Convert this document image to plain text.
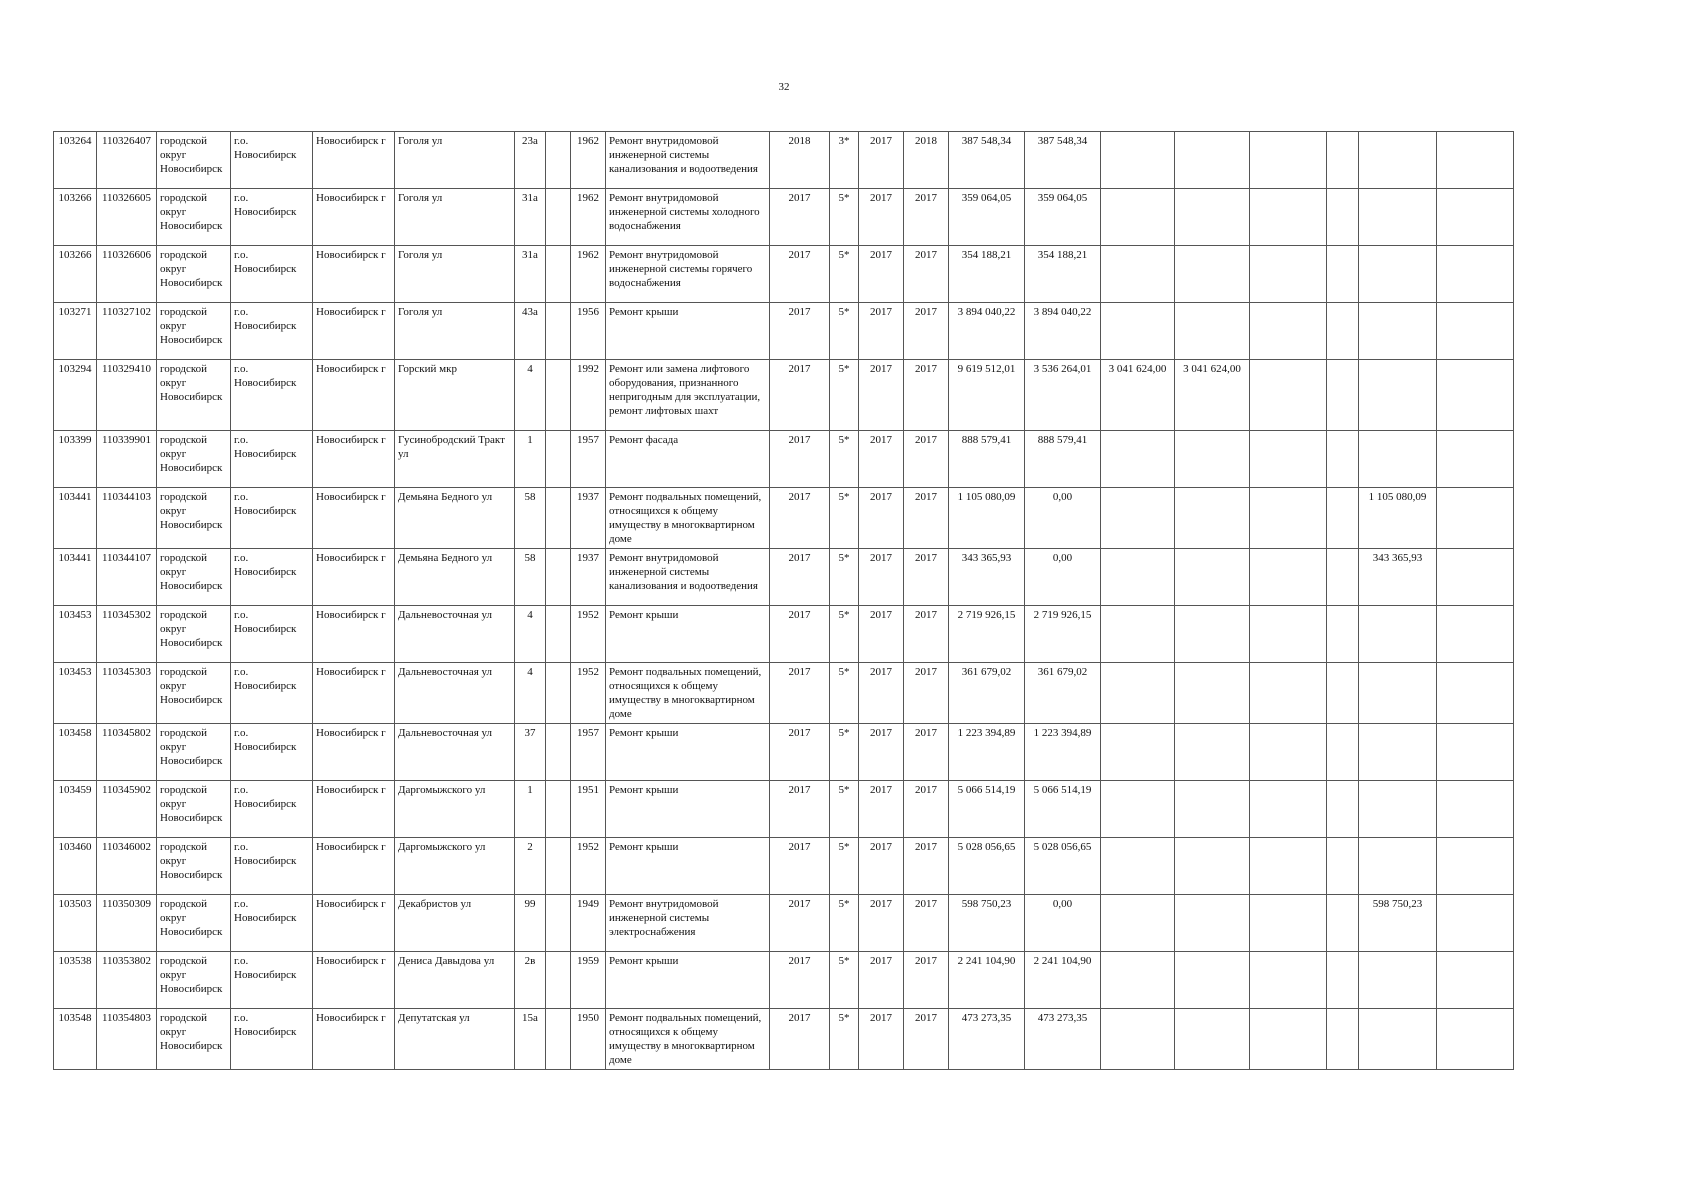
32
103264	110326407	городской округ Новосибирск	г.о. Новосибирск	Новосибирск г	Гоголя ул	23а		1962	Ремонт внутридомовой инженерной системы канализования и водоотведения	2018	3*	2017	2018	387 548,34	387 548,34						
103266	110326605	городской округ Новосибирск	г.о. Новосибирск	Новосибирск г	Гоголя ул	31а		1962	Ремонт внутридомовой инженерной системы холодного водоснабжения	2017	5*	2017	2017	359 064,05	359 064,05						
103266	110326606	городской округ Новосибирск	г.о. Новосибирск	Новосибирск г	Гоголя ул	31а		1962	Ремонт внутридомовой инженерной системы горячего водоснабжения	2017	5*	2017	2017	354 188,21	354 188,21						
103271	110327102	городской округ Новосибирск	г.о. Новосибирск	Новосибирск г	Гоголя ул	43а		1956	Ремонт крыши	2017	5*	2017	2017	3 894 040,22	3 894 040,22						
103294	110329410	городской округ Новосибирск	г.о. Новосибирск	Новосибирск г	Горский мкр	4		1992	Ремонт или замена лифтового оборудования, признанного непригодным для эксплуатации, ремонт лифтовых шахт	2017	5*	2017	2017	9 619 512,01	3 536 264,01	3 041 624,00	3 041 624,00				
103399	110339901	городской округ Новосибирск	г.о. Новосибирск	Новосибирск г	Гусинобродский Тракт ул	1		1957	Ремонт фасада	2017	5*	2017	2017	888 579,41	888 579,41						
103441	110344103	городской округ Новосибирск	г.о. Новосибирск	Новосибирск г	Демьяна Бедного ул	58		1937	Ремонт подвальных помещений, относящихся к общему имуществу в многоквартирном доме	2017	5*	2017	2017	1 105 080,09	0,00					1 105 080,09	
103441	110344107	городской округ Новосибирск	г.о. Новосибирск	Новосибирск г	Демьяна Бедного ул	58		1937	Ремонт внутридомовой инженерной системы канализования и водоотведения	2017	5*	2017	2017	343 365,93	0,00					343 365,93	
103453	110345302	городской округ Новосибирск	г.о. Новосибирск	Новосибирск г	Дальневосточная ул	4		1952	Ремонт крыши	2017	5*	2017	2017	2 719 926,15	2 719 926,15						
103453	110345303	городской округ Новосибирск	г.о. Новосибирск	Новосибирск г	Дальневосточная ул	4		1952	Ремонт подвальных помещений, относящихся к общему имуществу в многоквартирном доме	2017	5*	2017	2017	361 679,02	361 679,02						
103458	110345802	городской округ Новосибирск	г.о. Новосибирск	Новосибирск г	Дальневосточная ул	37		1957	Ремонт крыши	2017	5*	2017	2017	1 223 394,89	1 223 394,89						
103459	110345902	городской округ Новосибирск	г.о. Новосибирск	Новосибирск г	Даргомыжского ул	1		1951	Ремонт крыши	2017	5*	2017	2017	5 066 514,19	5 066 514,19						
103460	110346002	городской округ Новосибирск	г.о. Новосибирск	Новосибирск г	Даргомыжского ул	2		1952	Ремонт крыши	2017	5*	2017	2017	5 028 056,65	5 028 056,65						
103503	110350309	городской округ Новосибирск	г.о. Новосибирск	Новосибирск г	Декабристов ул	99		1949	Ремонт внутридомовой инженерной системы электроснабжения	2017	5*	2017	2017	598 750,23	0,00					598 750,23	
103538	110353802	городской округ Новосибирск	г.о. Новосибирск	Новосибирск г	Дениса Давыдова ул	2в		1959	Ремонт крыши	2017	5*	2017	2017	2 241 104,90	2 241 104,90						
103548	110354803	городской округ Новосибирск	г.о. Новосибирск	Новосибирск г	Депутатская ул	15а		1950	Ремонт подвальных помещений, относящихся к общему имуществу в многоквартирном доме	2017	5*	2017	2017	473 273,35	473 273,35						
